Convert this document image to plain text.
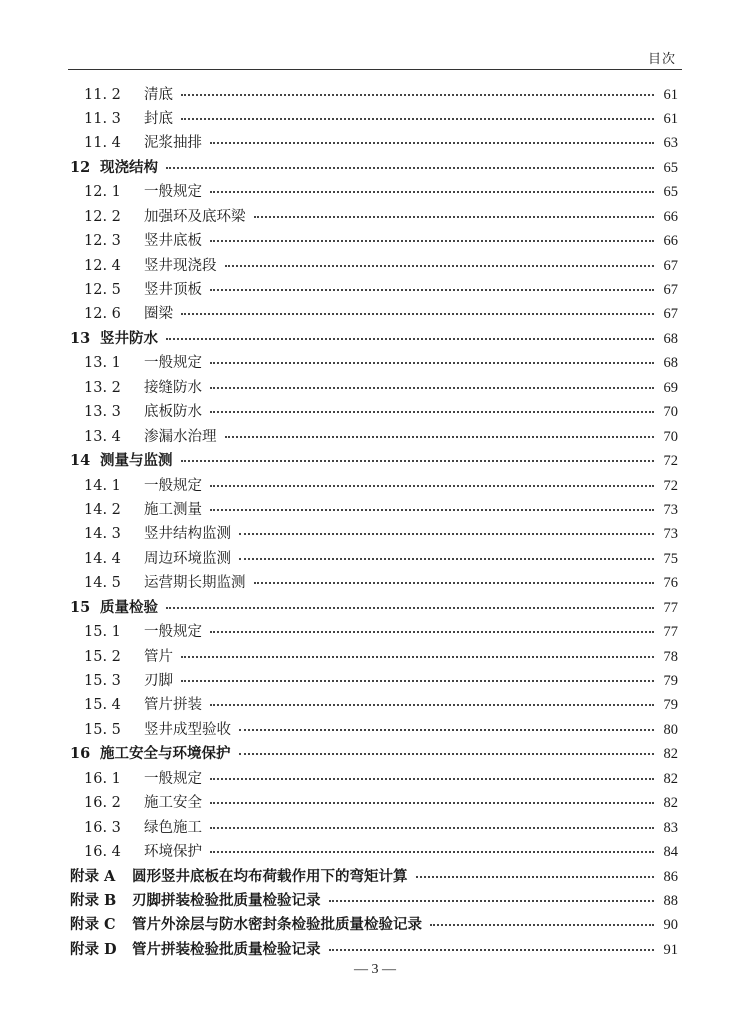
目次
11. 2	清底	61
11. 3	封底	61
11. 4	泥浆抽排	63
12 现浇结构	65
12. 1	一般规定	65
12. 2	加强环及底环梁	66
12. 3	竖井底板	66
12. 4	竖井现浇段	67
12. 5	竖井顶板	67
12. 6	圈梁	67
13 竖井防水	68
13. 1	一般规定	68
13. 2	接缝防水	69
13. 3	底板防水	70
13. 4	渗漏水治理	70
14 测量与监测	72
14. 1	一般规定	72
14. 2	施工测量	73
14. 3	竖井结构监测	73
14. 4	周边环境监测	75
14. 5	运营期长期监测	76
15 质量检验	77
15. 1	一般规定	77
15. 2	管片	78
15. 3	刃脚	79
15. 4	管片拼装	79
15. 5	竖井成型验收	80
16 施工安全与环境保护	82
16. 1	一般规定	82
16. 2	施工安全	82
16. 3	绿色施工	83
16. 4	环境保护	84
附录 A	圆形竖井底板在均布荷载作用下的弯矩计算	86
附录 B	刃脚拼装检验批质量检验记录	88
附录 C	管片外涂层与防水密封条检验批质量检验记录	90
附录 D	管片拼装检验批质量检验记录	91
— 3 —
